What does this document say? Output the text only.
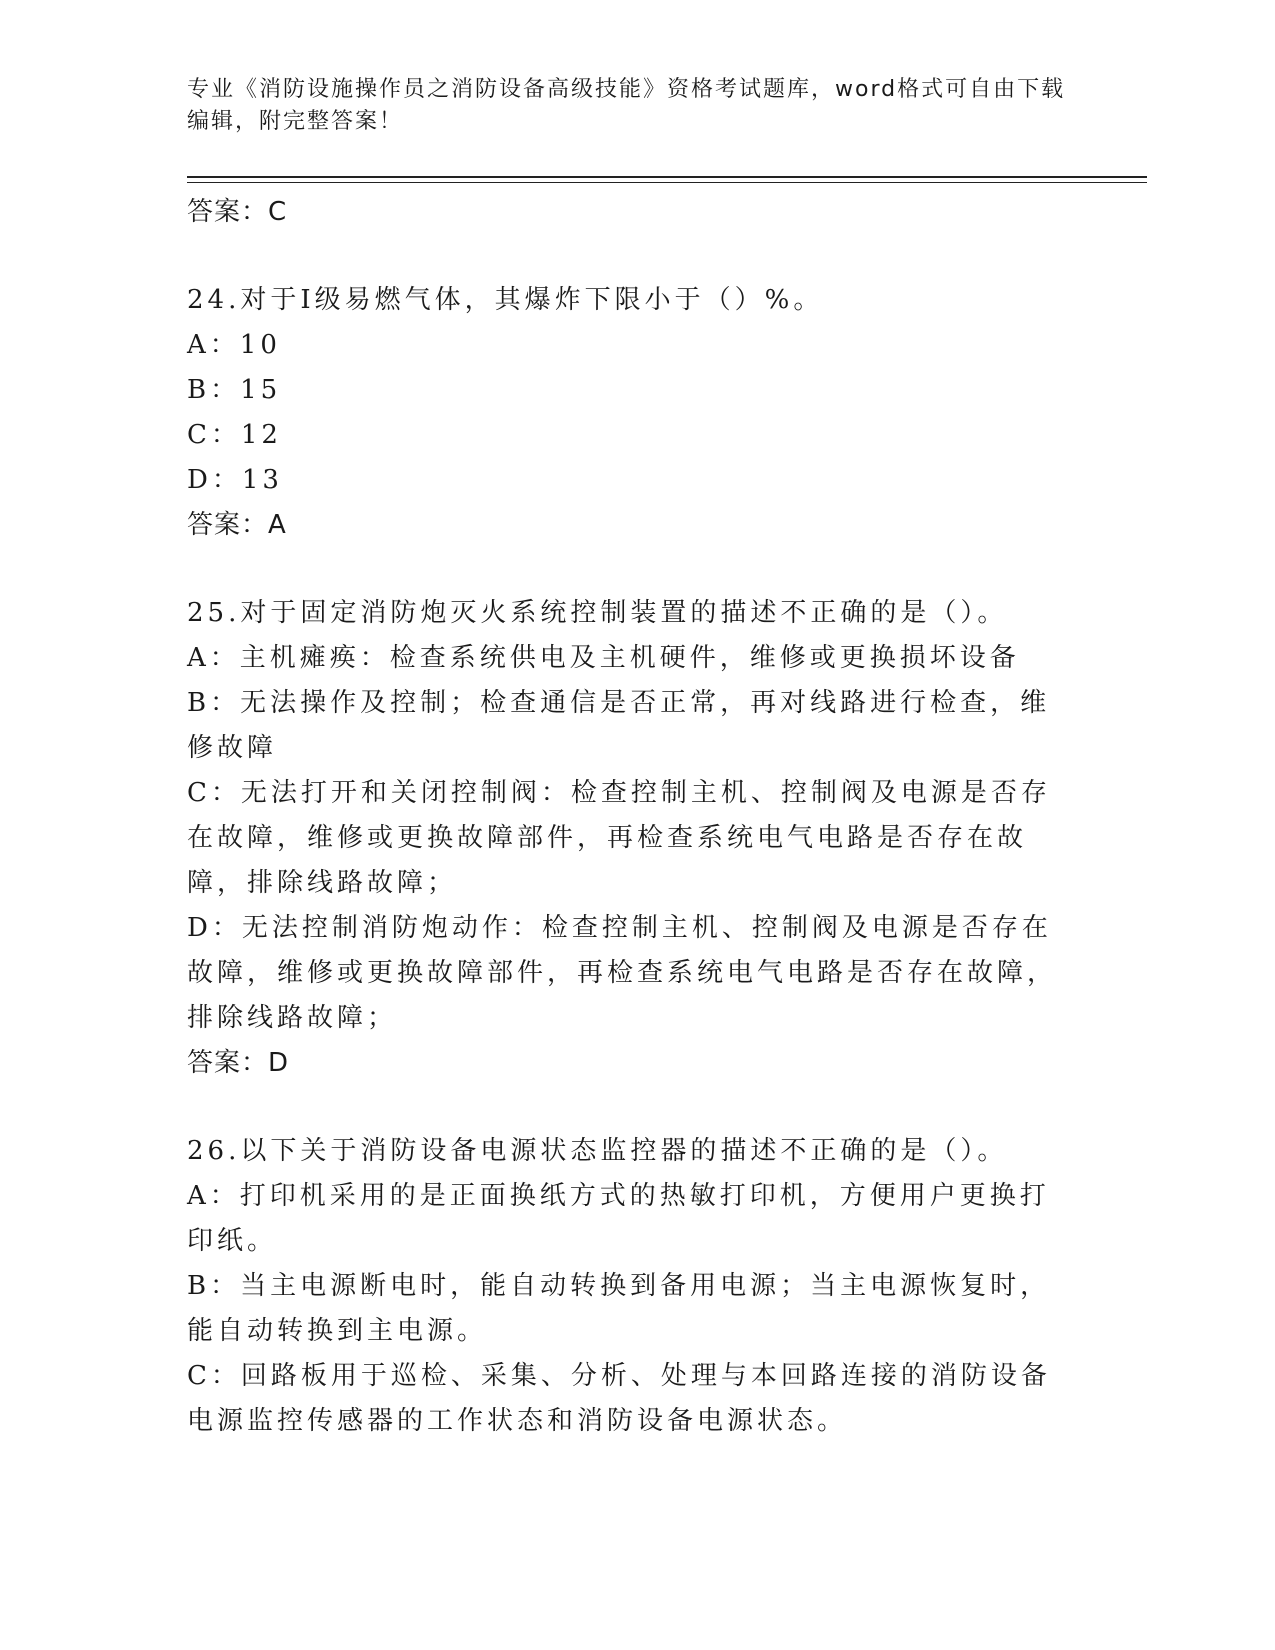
专业《消防设施操作员之消防设备高级技能》资格考试题库，word格式可自由下载编辑，附完整答案！

答案：C

24.对于Ⅰ级易燃气体，其爆炸下限小于（）%。

A：10

B：15

C：12

D：13

答案：A

25.对于固定消防炮灭火系统控制装置的描述不正确的是（）。

A：主机瘫痪：检查系统供电及主机硬件，维修或更换损坏设备

B：无法操作及控制；检查通信是否正常，再对线路进行检查，维修故障

C：无法打开和关闭控制阀：检查控制主机、控制阀及电源是否存在故障，维修或更换故障部件，再检查系统电气电路是否存在故障，排除线路故障；

D：无法控制消防炮动作：检查控制主机、控制阀及电源是否存在故障，维修或更换故障部件，再检查系统电气电路是否存在故障，排除线路故障；

答案：D

26.以下关于消防设备电源状态监控器的描述不正确的是（）。

A：打印机采用的是正面换纸方式的热敏打印机，方便用户更换打印纸。

B：当主电源断电时，能自动转换到备用电源；当主电源恢复时，能自动转换到主电源。

C：回路板用于巡检、采集、分析、处理与本回路连接的消防设备电源监控传感器的工作状态和消防设备电源状态。
